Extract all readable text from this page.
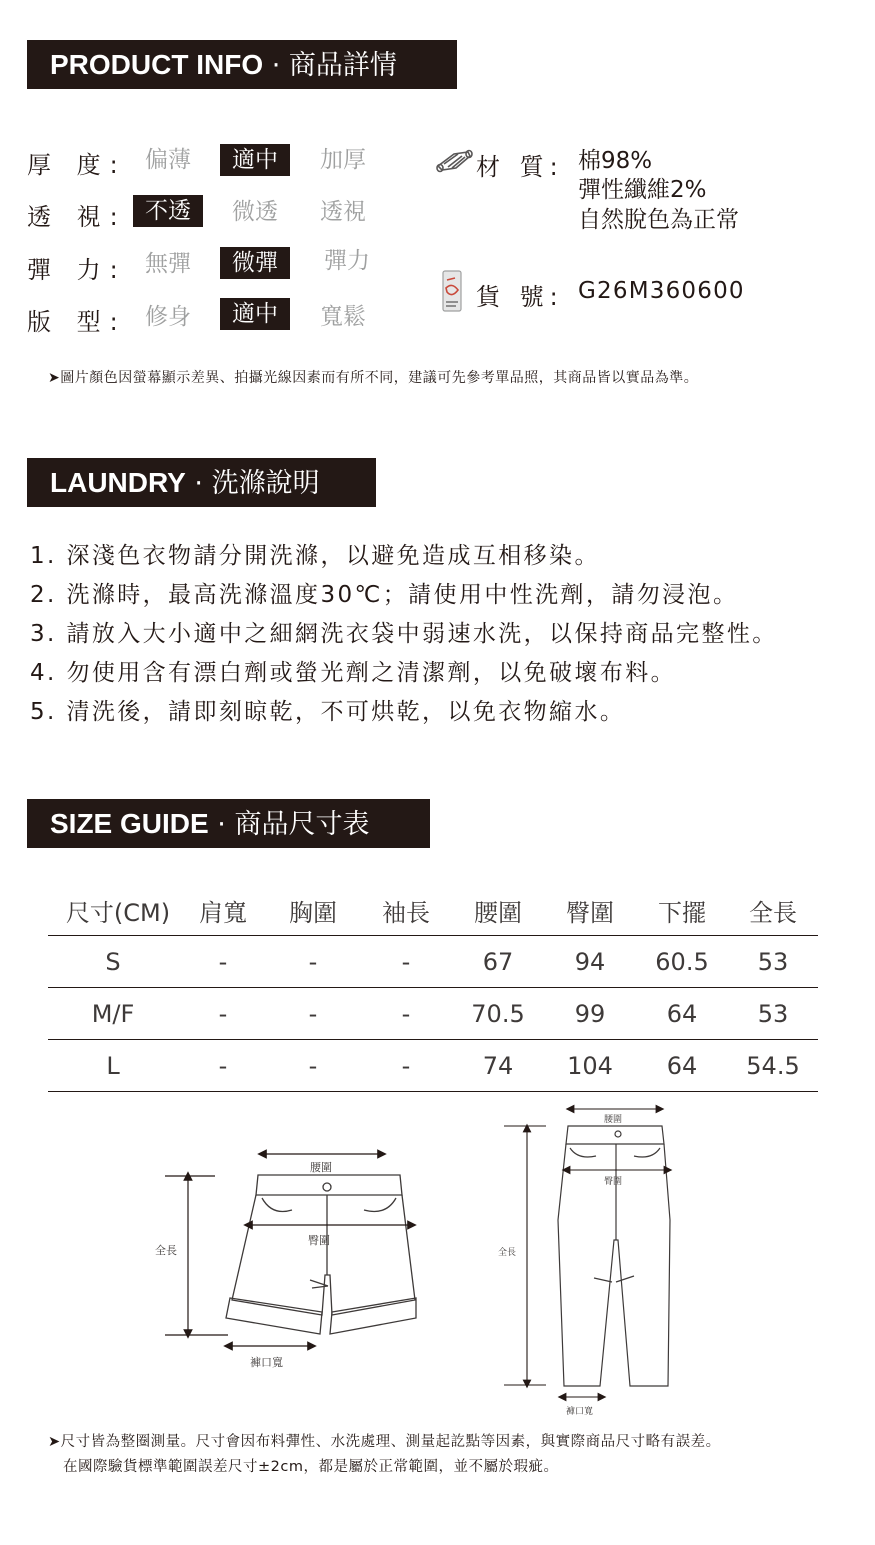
PRODUCT INFO · 商品詳情
厚 度: 偏薄	適中	加厚
透 視: 不透	微透	透視
彈 力: 無彈	微彈	彈力
版 型: 修身	適中	寬鬆
材 質: 棉98%
彈性纖維2%
自然脫色為正常
貨 號: G26M360600
➤圖片顏色因螢幕顯示差異、拍攝光線因素而有所不同，建議可先參考單品照，其商品皆以實品為準。
LAUNDRY · 洗滌說明
1. 深淺色衣物請分開洗滌，以避免造成互相移染。
2. 洗滌時，最高洗滌溫度30℃；請使用中性洗劑，請勿浸泡。
3. 請放入大小適中之細網洗衣袋中弱速水洗，以保持商品完整性。
4. 勿使用含有漂白劑或螢光劑之清潔劑，以免破壞布料。
5. 清洗後，請即刻晾乾，不可烘乾，以免衣物縮水。
SIZE GUIDE · 商品尺寸表
尺寸(CM)	肩寬	胸圍	袖長	腰圍	臀圍	下擺	全長
S	-	-	-	67	94	60.5	53
M/F	-	-	-	70.5	99	64	53
L	-	-	-	74	104	64	54.5
腰圍
臀圍
全長
褲口寬
腰圍
臀圍
全長
褲口寬
➤尺寸皆為整圈測量。尺寸會因布料彈性、水洗處理、測量起訖點等因素，與實際商品尺寸略有誤差。
在國際驗貨標準範圍誤差尺寸±2cm，都是屬於正常範圍，並不屬於瑕疵。
